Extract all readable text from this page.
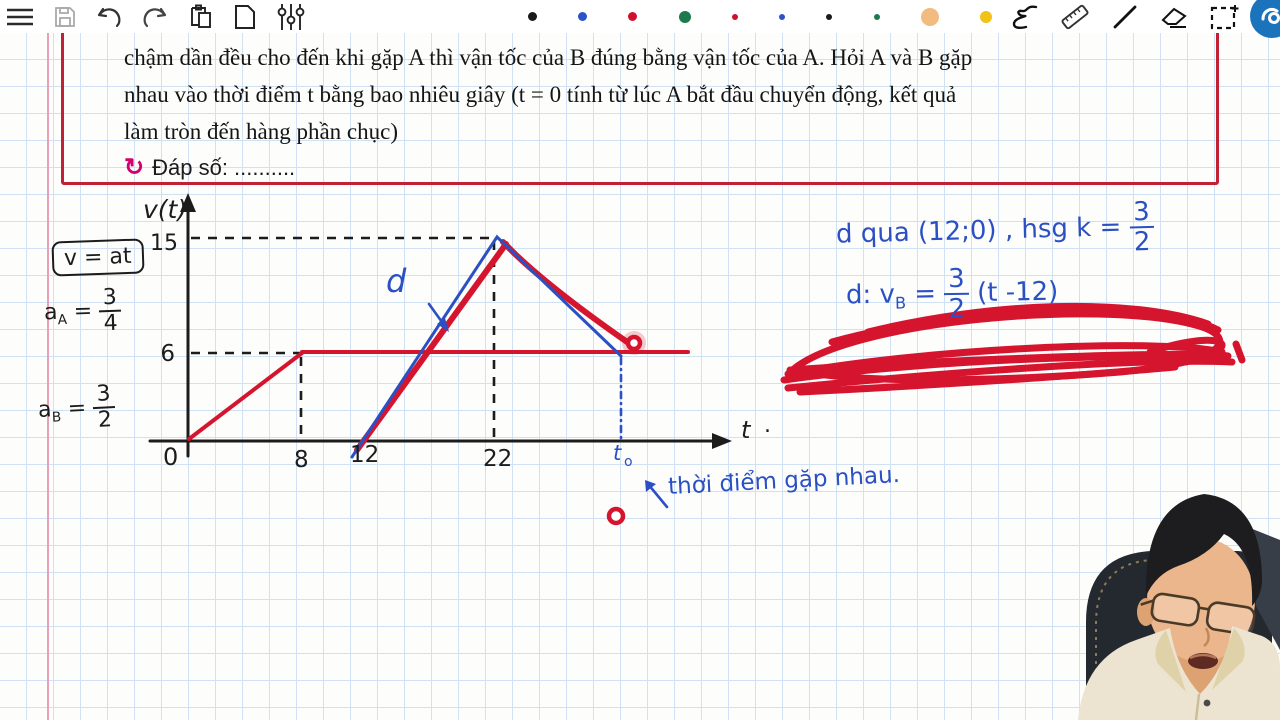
chậm dần đều cho đến khi gặp A thì vận tốc của B đúng bằng vận tốc của A. Hỏi A và B gặp
nhau vào thời điểm t bằng bao nhiêu giây (t = 0 tính từ lúc A bắt đầu chuyển động, kết quả
làm tròn đến hàng phần chục)
↻ Đáp số: ..........
v = at
$a_A = \frac{3}{4}$
$a_B = \frac{3}{2}$
d qua (12;0) , hsg $k = \frac{3}{2}$
d: $v_B = \frac{3}{2} (t$ -12)
thời điểm gặp nhau.
v(t)
15
6
0	8 12	22
t .
d
t o
